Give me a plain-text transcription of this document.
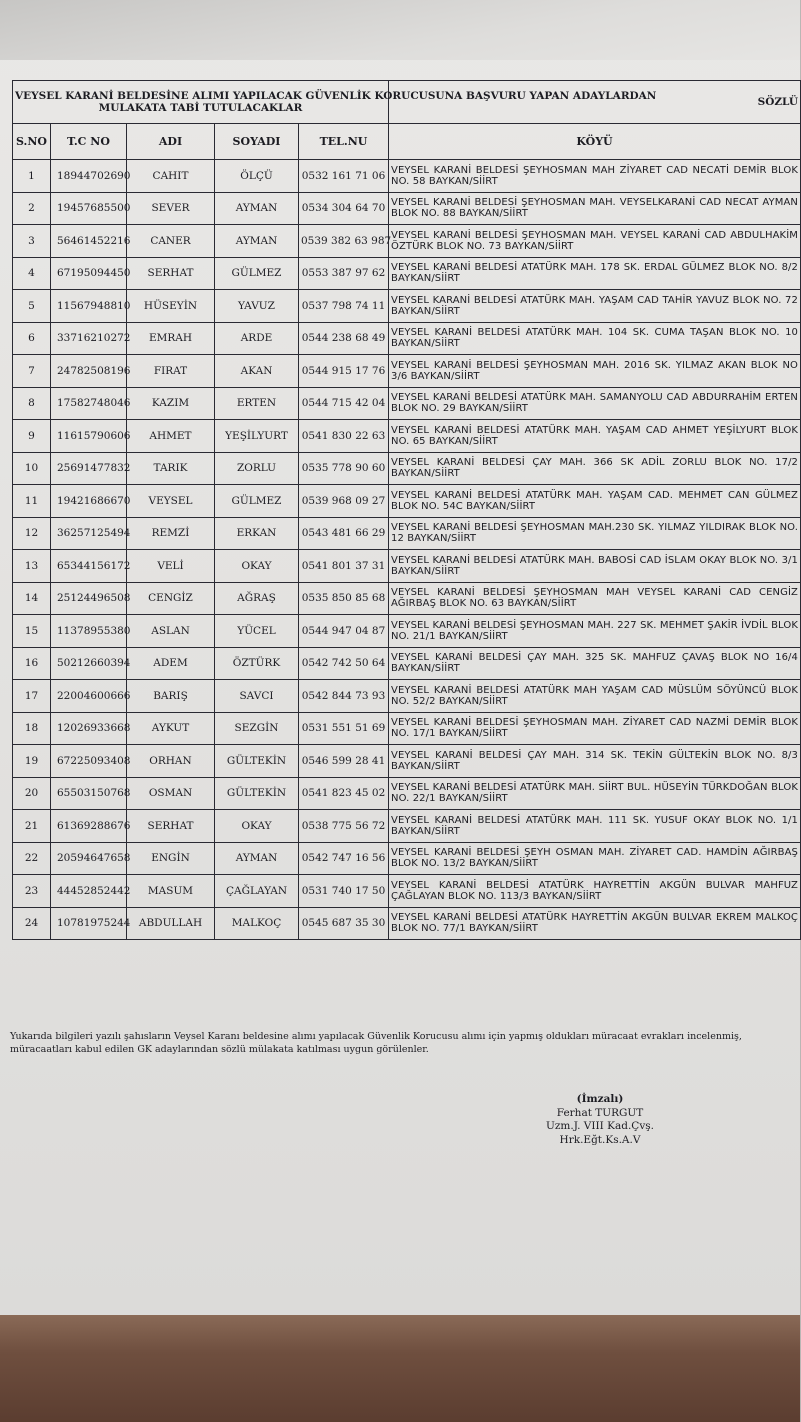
VEYSEL KARANİ BELDESİNE ALIMI YAPILACAK GÜVENLİK KORUCUSUNA BAŞVURU YAPAN ADAYLARDAN
MULAKATA TABİ TUTULACAKLAR					SÖZLÜ
S.NO	T.C NO	ADI	SOYADI	TEL.NU	KÖYÜ
1	18944702690	CAHIT	ÖLÇÜ	0532 161 71 06	VEYSEL KARANİ BELDESİ ŞEYHOSMAN MAH ZİYARET CAD NECATİ DEMİR BLOK NO. 58 BAYKAN/SİİRT
2	19457685500	SEVER	AYMAN	0534 304 64 70	VEYSEL KARANİ BELDESİ ŞEYHOSMAN MAH. VEYSELKARANİ CAD NECAT AYMAN BLOK NO. 88 BAYKAN/SİİRT
3	56461452216	CANER	AYMAN	0539 382 63 987	VEYSEL KARANİ BELDESİ ŞEYHOSMAN MAH. VEYSEL KARANİ CAD ABDULHAKİM ÖZTÜRK BLOK NO. 73 BAYKAN/SİİRT
4	67195094450	SERHAT	GÜLMEZ	0553 387 97 62	VEYSEL KARANİ BELDESİ ATATÜRK MAH. 178 SK. ERDAL GÜLMEZ BLOK NO. 8/2 BAYKAN/SİİRT
5	11567948810	HÜSEYİN	YAVUZ	0537 798 74 11	VEYSEL KARANİ BELDESİ ATATÜRK MAH. YAŞAM CAD TAHİR YAVUZ BLOK NO. 72 BAYKAN/SİİRT
6	33716210272	EMRAH	ARDE	0544 238 68 49	VEYSEL KARANİ BELDESİ ATATÜRK MAH. 104 SK. CUMA TAŞAN BLOK NO. 10 BAYKAN/SİİRT
7	24782508196	FIRAT	AKAN	0544 915 17 76	VEYSEL KARANİ BELDESİ ŞEYHOSMAN MAH. 2016 SK. YILMAZ AKAN BLOK NO 3/6 BAYKAN/SİİRT
8	17582748046	KAZIM	ERTEN	0544 715 42 04	VEYSEL KARANİ BELDESİ ATATÜRK MAH. SAMANYOLU CAD ABDURRAHİM ERTEN BLOK NO. 29 BAYKAN/SİİRT
9	11615790606	AHMET	YEŞİLYURT	0541 830 22 63	VEYSEL KARANİ BELDESİ ATATÜRK MAH. YAŞAM CAD AHMET YEŞİLYURT BLOK NO. 65 BAYKAN/SİİRT
10	25691477832	TARIK	ZORLU	0535 778 90 60	VEYSEL KARANİ BELDESİ ÇAY MAH. 366 SK ADİL ZORLU BLOK NO. 17/2 BAYKAN/SİİRT
11	19421686670	VEYSEL	GÜLMEZ	0539 968 09 27	VEYSEL KARANİ BELDESİ ATATÜRK MAH. YAŞAM CAD. MEHMET CAN GÜLMEZ BLOK NO. 54C BAYKAN/SİİRT
12	36257125494	REMZİ	ERKAN	0543 481 66 29	VEYSEL KARANİ BELDESİ ŞEYHOSMAN MAH.230 SK. YILMAZ YILDIRAK BLOK NO. 12 BAYKAN/SİİRT
13	65344156172	VELİ	OKAY	0541 801 37 31	VEYSEL KARANİ BELDESİ ATATÜRK MAH. BABOSİ CAD İSLAM OKAY BLOK NO. 3/1 BAYKAN/SİİRT
14	25124496508	CENGİZ	AĞRAŞ	0535 850 85 68	VEYSEL KARANİ BELDESİ ŞEYHOSMAN MAH VEYSEL KARANİ CAD CENGİZ AĞIRBAŞ BLOK NO. 63 BAYKAN/SİİRT
15	11378955380	ASLAN	YÜCEL	0544 947 04 87	VEYSEL KARANİ BELDESİ ŞEYHOSMAN MAH. 227 SK. MEHMET ŞAKİR İVDİL BLOK NO. 21/1 BAYKAN/SİİRT
16	50212660394	ADEM	ÖZTÜRK	0542 742 50 64	VEYSEL KARANİ BELDESİ ÇAY MAH. 325 SK. MAHFUZ ÇAVAŞ BLOK NO 16/4 BAYKAN/SİİRT
17	22004600666	BARIŞ	SAVCI	0542 844 73 93	VEYSEL KARANİ BELDESİ ATATÜRK MAH YAŞAM CAD MÜSLÜM SÖYÜNCÜ BLOK NO. 52/2 BAYKAN/SİİRT
18	12026933668	AYKUT	SEZGİN	0531 551 51 69	VEYSEL KARANİ BELDESİ ŞEYHOSMAN MAH. ZİYARET CAD NAZMİ DEMİR BLOK NO. 17/1 BAYKAN/SİİRT
19	67225093408	ORHAN	GÜLTEKİN	0546 599 28 41	VEYSEL KARANİ BELDESİ ÇAY MAH. 314 SK. TEKİN GÜLTEKİN BLOK NO. 8/3 BAYKAN/SİİRT
20	65503150768	OSMAN	GÜLTEKİN	0541 823 45 02	VEYSEL KARANİ BELDESİ ATATÜRK MAH. SİİRT BUL. HÜSEYİN TÜRKDOĞAN BLOK NO. 22/1 BAYKAN/SİİRT
21	61369288676	SERHAT	OKAY	0538 775 56 72	VEYSEL KARANİ BELDESİ ATATÜRK MAH. 111 SK. YUSUF OKAY BLOK NO. 1/1 BAYKAN/SİİRT
22	20594647658	ENGİN	AYMAN	0542 747 16 56	VEYSEL KARANİ BELDESİ ŞEYH OSMAN MAH. ZİYARET CAD. HAMDİN AĞIRBAŞ BLOK NO. 13/2 BAYKAN/SİİRT
23	44452852442	MASUM	ÇAĞLAYAN	0531 740 17 50	VEYSEL KARANİ BELDESİ ATATÜRK HAYRETTİN AKGÜN BULVAR MAHFUZ ÇAĞLAYAN BLOK NO. 113/3 BAYKAN/SİİRT
24	10781975244	ABDULLAH	MALKOÇ	0545 687 35 30	VEYSEL KARANİ BELDESİ ATATÜRK HAYRETTİN AKGÜN BULVAR EKREM MALKOÇ BLOK NO. 77/1 BAYKAN/SİİRT

Yukarıda bilgileri yazılı şahısların Veysel Karanı beldesine alımı yapılacak Güvenlik Korucusu alımı için yapmış oldukları müracaat evrakları incelenmiş, müracaatları kabul edilen GK adaylarından sözlü mülakata katılması uygun görülenler.

(İmzalı)
Ferhat TURGUT
Uzm.J. VIII Kad.Çvş.
Hrk.Eğt.Ks.A.V
